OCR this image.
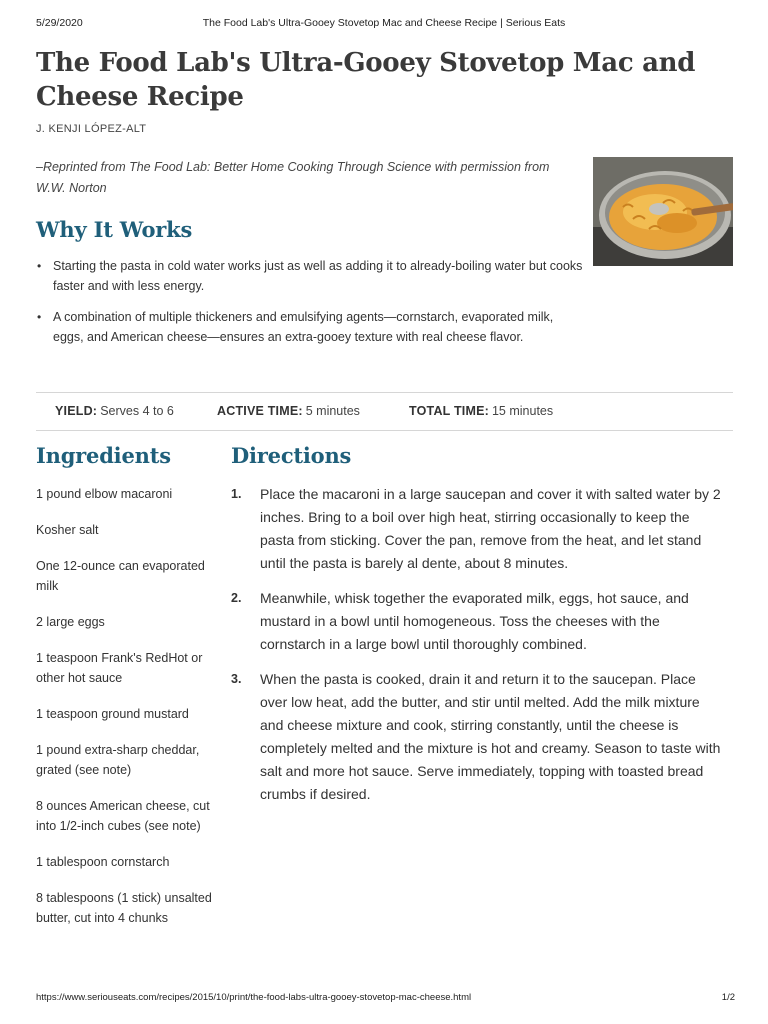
5/29/2020	The Food Lab's Ultra-Gooey Stovetop Mac and Cheese Recipe | Serious Eats
The Food Lab's Ultra-Gooey Stovetop Mac and Cheese Recipe
J. KENJI LÓPEZ-ALT

–Reprinted from The Food Lab: Better Home Cooking Through Science with permission from W.W. Norton

Why It Works
• Starting the pasta in cold water works just as well as adding it to already-boiling water but cooks faster and with less energy.
• A combination of multiple thickeners and emulsifying agents—cornstarch, evaporated milk, eggs, and American cheese—ensures an extra-gooey texture with real cheese flavor.
YIELD: Serves 4 to 6	ACTIVE TIME: 5 minutes	TOTAL TIME: 15 minutes
Ingredients	Directions
1 pound elbow macaroni
Kosher salt
One 12-ounce can evaporated milk
2 large eggs
1 teaspoon Frank's RedHot or other hot sauce
1 teaspoon ground mustard
1 pound extra-sharp cheddar, grated (see note)
8 ounces American cheese, cut into 1/2-inch cubes (see note)
1 tablespoon cornstarch
8 tablespoons (1 stick) unsalted butter, cut into 4 chunks
1. Place the macaroni in a large saucepan and cover it with salted water by 2 inches. Bring to a boil over high heat, stirring occasionally to keep the pasta from sticking. Cover the pan, remove from the heat, and let stand until the pasta is barely al dente, about 8 minutes.
2. Meanwhile, whisk together the evaporated milk, eggs, hot sauce, and mustard in a bowl until homogeneous. Toss the cheeses with the cornstarch in a large bowl until thoroughly combined.
3. When the pasta is cooked, drain it and return it to the saucepan. Place over low heat, add the butter, and stir until melted. Add the milk mixture and cheese mixture and cook, stirring constantly, until the cheese is completely melted and the mixture is hot and creamy. Season to taste with salt and more hot sauce. Serve immediately, topping with toasted bread crumbs if desired.
https://www.seriouseats.com/recipes/2015/10/print/the-food-labs-ultra-gooey-stovetop-mac-cheese.html	1/2
